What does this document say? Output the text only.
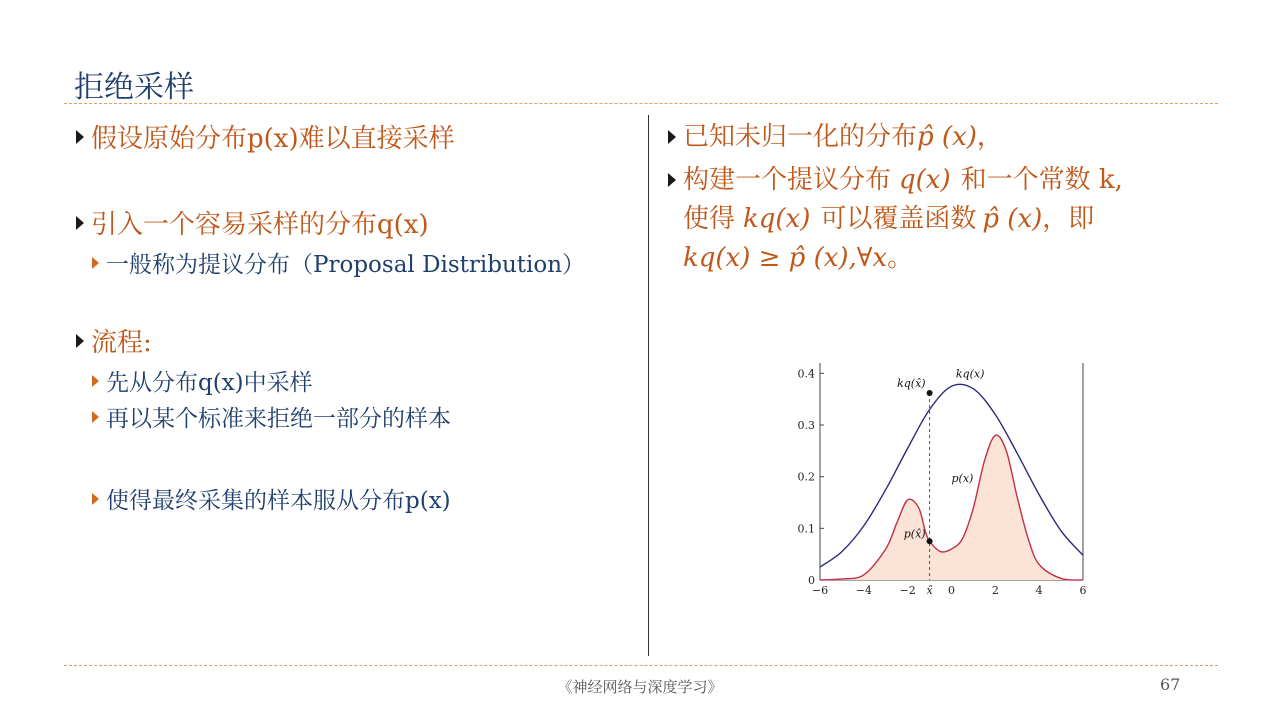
拒绝采样
假设原始分布p(x)难以直接采样
引入一个容易采样的分布q(x)
一般称为提议分布（Proposal Distribution）
流程:
先从分布q(x)中采样
再以某个标准来拒绝一部分的样本
使得最终采集的样本服从分布p(x)
已知未归一化的分布 p̂ (x) ，
构建一个提议分布 q(x) 和一个常数 k,
使得 kq(x) 可以覆盖函数 p̂ (x) ，即
kq(x) ≥ p̂ (x),∀x 。
0
0.1
0.2
0.3
0.4
−6	−4	−2 x̂ 0	2	4	6
kq(x)
kq(x̂)
p(x)
p(x̂)
《神经网络与深度学习》	67
